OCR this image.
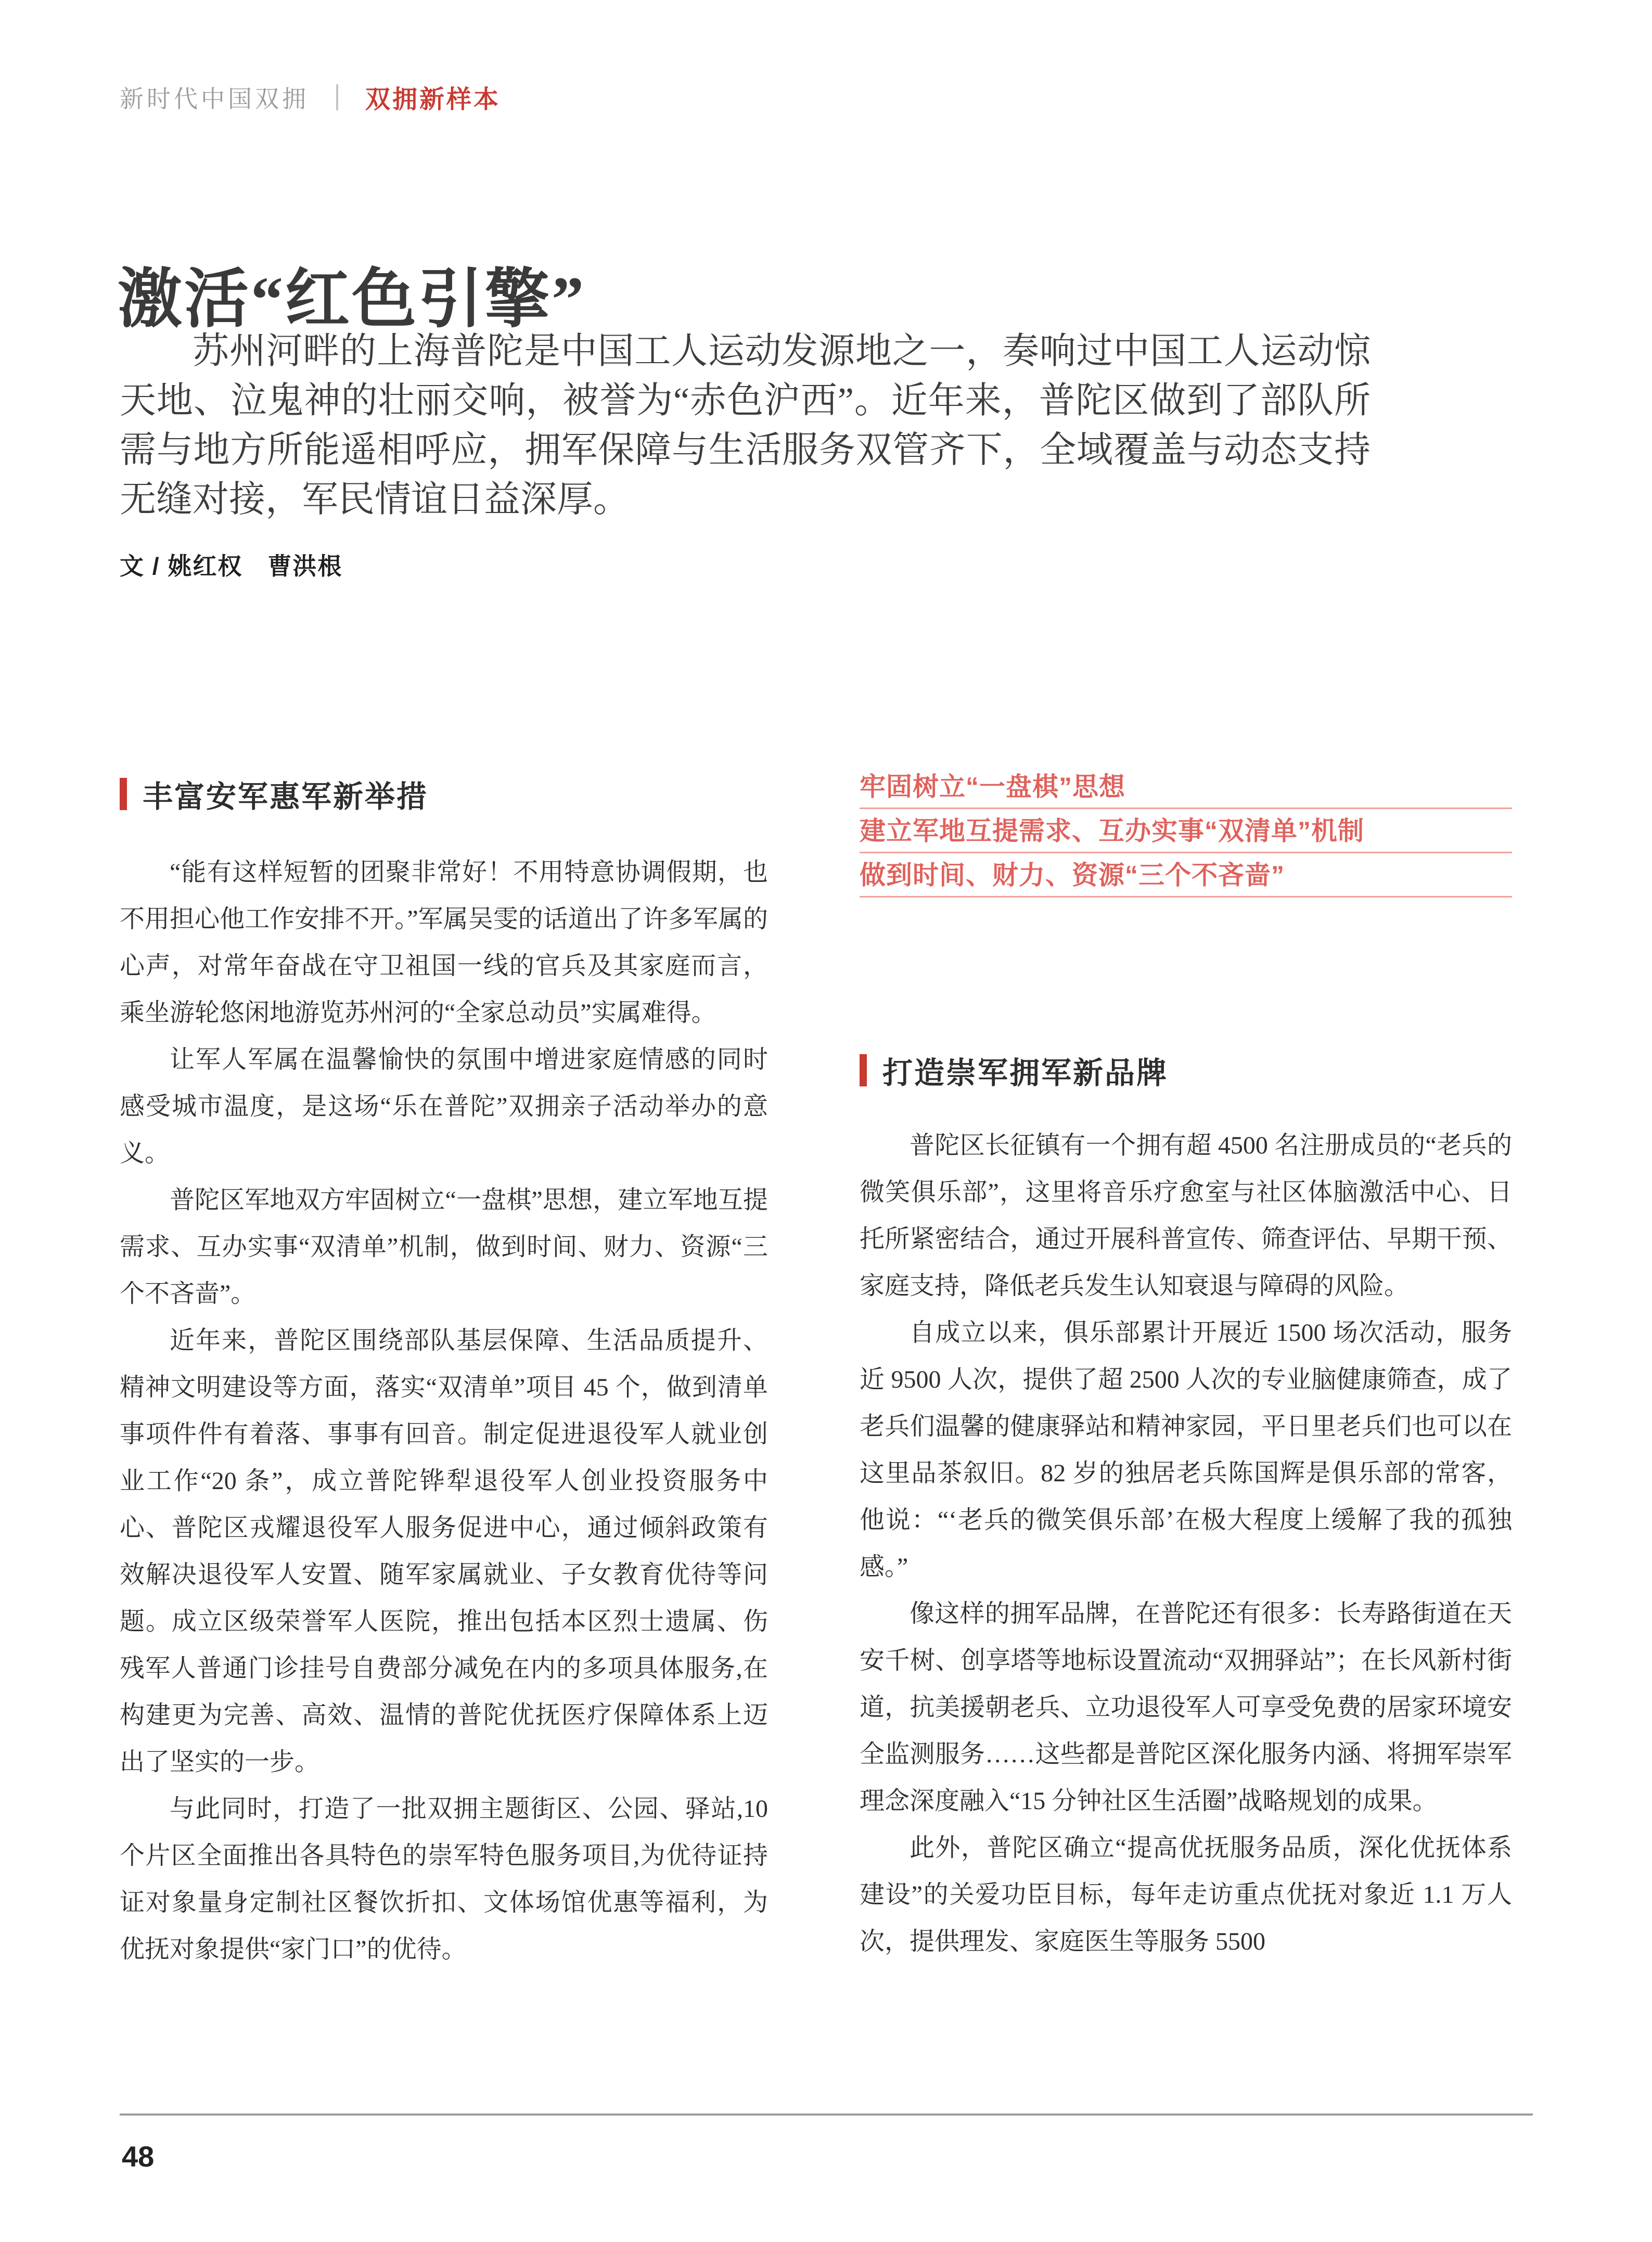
新时代中国双拥 双拥新样本
激活“红色引擎”

苏州河畔的上海普陀是中国工人运动发源地之一，奏响过中国工人运动惊天地、泣鬼神的壮丽交响，被誉为“赤色沪西”。近年来，普陀区做到了部队所需与地方所能遥相呼应，拥军保障与生活服务双管齐下，全域覆盖与动态支持无缝对接，军民情谊日益深厚。

文 / 姚红权　曹洪根
丰富安军惠军新举措

“能有这样短暂的团聚非常好！不用特意协调假期，也不用担心他工作安排不开。”军属吴雯的话道出了许多军属的心声，对常年奋战在守卫祖国一线的官兵及其家庭而言，乘坐游轮悠闲地游览苏州河的“全家总动员”实属难得。

让军人军属在温馨愉快的氛围中增进家庭情感的同时感受城市温度，是这场“乐在普陀”双拥亲子活动举办的意义。

普陀区军地双方牢固树立“一盘棋”思想，建立军地互提需求、互办实事“双清单”机制，做到时间、财力、资源“三个不吝啬”。

近年来，普陀区围绕部队基层保障、生活品质提升、精神文明建设等方面，落实“双清单”项目 45 个，做到清单事项件件有着落、事事有回音。制定促进退役军人就业创业工作“20 条”，成立普陀铧犁退役军人创业投资服务中心、普陀区戎耀退役军人服务促进中心，通过倾斜政策有效解决退役军人安置、随军家属就业、子女教育优待等问题。成立区级荣誉军人医院，推出包括本区烈士遗属、伤残军人普通门诊挂号自费部分减免在内的多项具体服务,在构建更为完善、高效、温情的普陀优抚医疗保障体系上迈出了坚实的一步。

与此同时，打造了一批双拥主题街区、公园、驿站,10 个片区全面推出各具特色的崇军特色服务项目,为优待证持证对象量身定制社区餐饮折扣、文体场馆优惠等福利，为优抚对象提供“家门口”的优待。

牢固树立“一盘棋”思想
建立军地互提需求、互办实事“双清单”机制
做到时间、财力、资源“三个不吝啬”
打造崇军拥军新品牌

普陀区长征镇有一个拥有超 4500 名注册成员的“老兵的微笑俱乐部”，这里将音乐疗愈室与社区体脑激活中心、日托所紧密结合，通过开展科普宣传、筛查评估、早期干预、家庭支持，降低老兵发生认知衰退与障碍的风险。

自成立以来，俱乐部累计开展近 1500 场次活动，服务近 9500 人次，提供了超 2500 人次的专业脑健康筛查，成了老兵们温馨的健康驿站和精神家园，平日里老兵们也可以在这里品茶叙旧。82 岁的独居老兵陈国辉是俱乐部的常客，他说：“‘老兵的微笑俱乐部’在极大程度上缓解了我的孤独感。”

像这样的拥军品牌，在普陀还有很多：长寿路街道在天安千树、创享塔等地标设置流动“双拥驿站”；在长风新村街道，抗美援朝老兵、立功退役军人可享受免费的居家环境安全监测服务……这些都是普陀区深化服务内涵、将拥军崇军理念深度融入“15 分钟社区生活圈”战略规划的成果。

此外，普陀区确立“提高优抚服务品质，深化优抚体系建设”的关爱功臣目标，每年走访重点优抚对象近 1.1 万人次，提供理发、家庭医生等服务 5500

48
